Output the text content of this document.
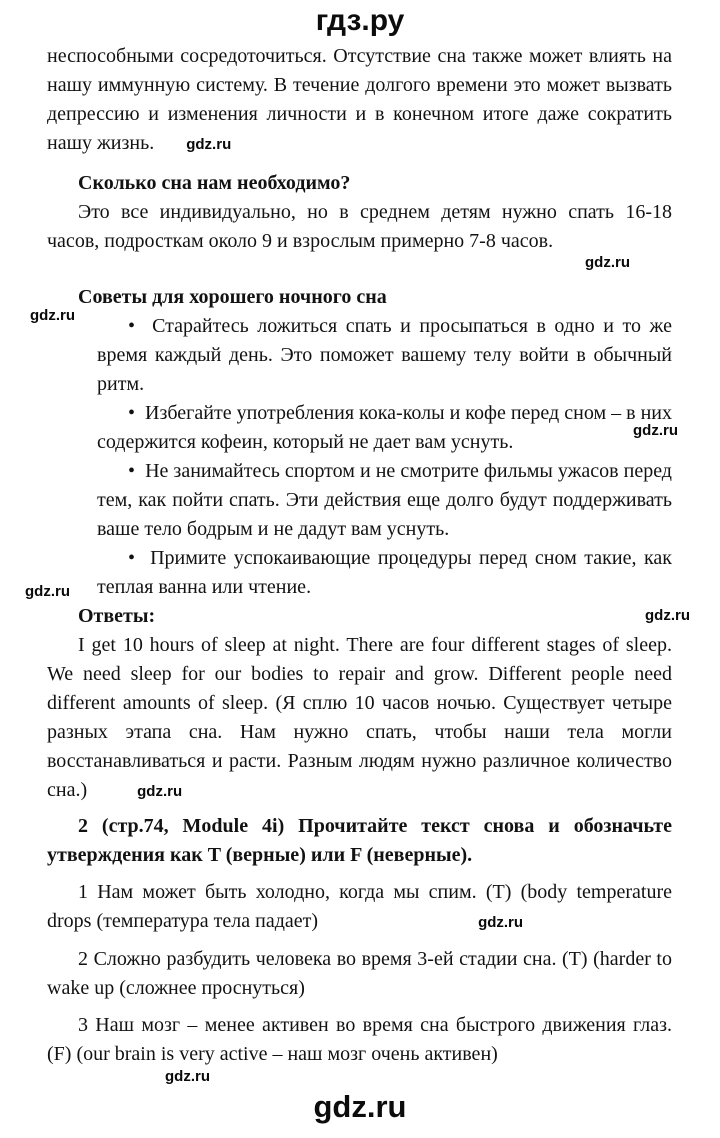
гдз.ру

неспособными сосредоточиться. Отсутствие сна также может влиять на нашу иммунную систему. В течение долгого времени это может вызвать депрессию и изменения личности и в конечном итоге даже сократить нашу жизнь. gdz.ru

Сколько сна нам необходимо?

Это все индивидуально, но в среднем детям нужно спать 16-18 часов, подросткам около 9 и взрослым примерно 7-8 часов.

Советы для хорошего ночного сна

•  Старайтесь ложиться спать и просыпаться в одно и то же время каждый день. Это поможет вашему телу войти в обычный ритм.
•  Избегайте употребления кока-колы и кофе перед сном – в них содержится кофеин, который не дает вам уснуть.
•  Не занимайтесь спортом и не смотрите фильмы ужасов перед тем, как пойти спать. Эти действия еще долго будут поддерживать ваше тело бодрым и не дадут вам уснуть.
•  Примите успокаивающие процедуры перед сном такие, как теплая ванна или чтение.

Ответы:

I get 10 hours of sleep at night. There are four different stages of sleep. We need sleep for our bodies to repair and grow. Different people need different amounts of sleep. (Я сплю 10 часов ночью. Существует четыре разных этапа сна. Нам нужно спать, чтобы наши тела могли восстанавливаться и расти. Разным людям нужно различное количество сна.)	gdz.ru

2 (стр.74, Module 4i) Прочитайте текст снова и обозначьте утверждения как T (верные) или F (неверные).

1 Нам может быть холодно, когда мы спим. (T) (body temperature drops (температура тела падает)	gdz.ru

2 Сложно разбудить человека во время 3-ей стадии сна. (T) (harder to wake up (сложнее проснуться)

3 Наш мозг – менее активен во время сна быстрого движения глаз. (F) (our brain is very active – наш мозг очень активен)

gdz.ru
gdz.ru
gdz.ru
gdz.ru
gdz.ru
gdz.ru
gdz.ru
